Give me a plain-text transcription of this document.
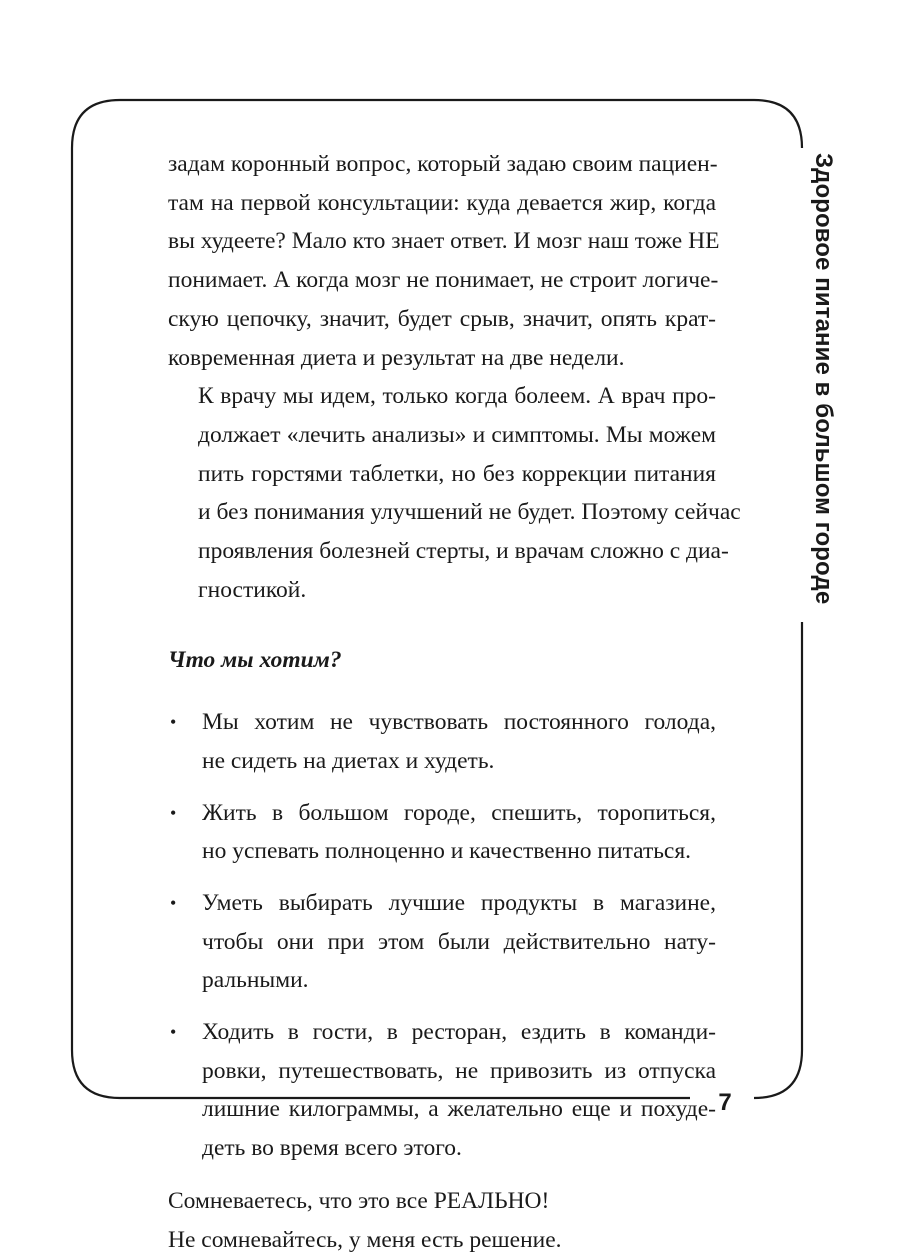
задам коронный вопрос, который задаю своим пациен-
там на первой консультации: куда девается жир, когда
вы худеете? Мало кто знает ответ. И мозг наш тоже НЕ
понимает. А когда мозг не понимает, не строит логиче-
скую цепочку, значит, будет срыв, значит, опять крат-
ковременная диета и результат на две недели.

К врачу мы идем, только когда болеем. А врач про-
должает «лечить анализы» и симптомы. Мы можем
пить горстями таблетки, но без коррекции питания
и без понимания улучшений не будет. Поэтому сейчас
проявления болезней стерты, и врачам сложно с диа-
гностикой.

Что мы хотим?

• Мы хотим не чувствовать постоянного голода,
не сидеть на диетах и худеть.
• Жить в большом городе, спешить, торопиться,
но успевать полноценно и качественно питаться.
• Уметь выбирать лучшие продукты в магазине,
чтобы они при этом были действительно нату-
ральными.
• Ходить в гости, в ресторан, ездить в команди-
ровки, путешествовать, не привозить из отпуска
лишние килограммы, а желательно еще и похуде-
деть во время всего этого.

Сомневаетесь, что это все РЕАЛЬНО!
Не сомневайтесь, у меня есть решение.

Здоровое питание в большом городе
7
